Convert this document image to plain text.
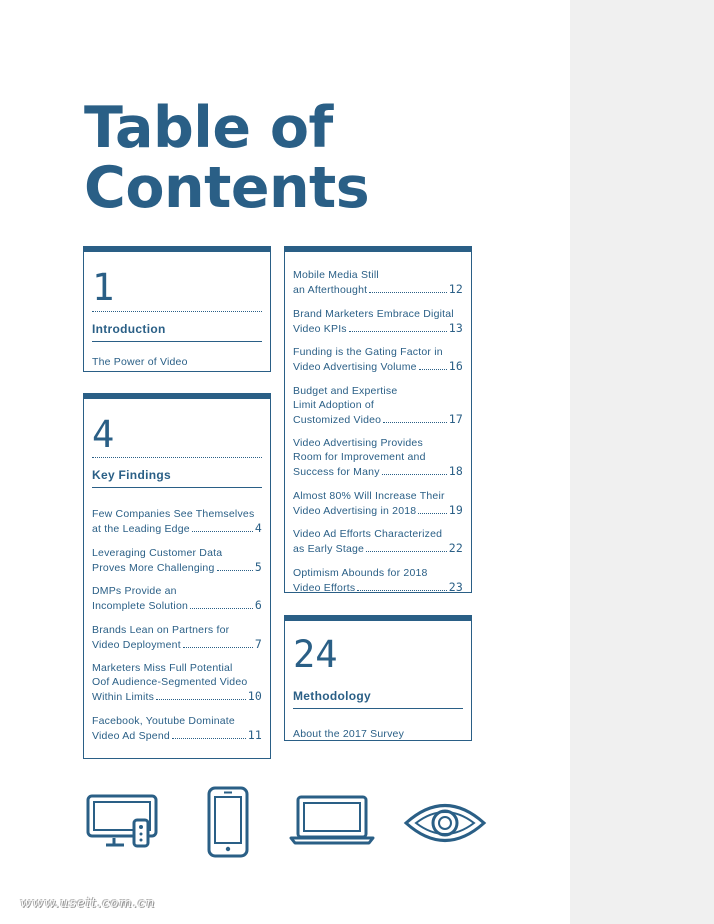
Table of
Contents
1
Introduction
The Power of Video
4
Key Findings
Few Companies See Themselves
at the Leading Edge	4
Leveraging Customer Data
Proves More Challenging	5
DMPs Provide an
Incomplete Solution	6
Brands Lean on Partners for
Video Deployment	7
Marketers Miss Full Potential
Oof Audience-Segmented Video
Within Limits	10
Facebook, Youtube Dominate
Video Ad Spend	11
Mobile Media Still
an Afterthought	12
Brand Marketers Embrace Digital
Video KPIs	13
Funding is the Gating Factor in
Video Advertising Volume	16
Budget and Expertise
Limit Adoption of
Customized Video	17
Video Advertising Provides
Room for Improvement and
Success for Many	18
Almost 80% Will Increase Their
Video Advertising in 2018	19
Video Ad Efforts Characterized
as Early Stage	22
Optimism Abounds for 2018
Video Efforts	23
24
Methodology
About the 2017 Survey
www.useit.com.cn
